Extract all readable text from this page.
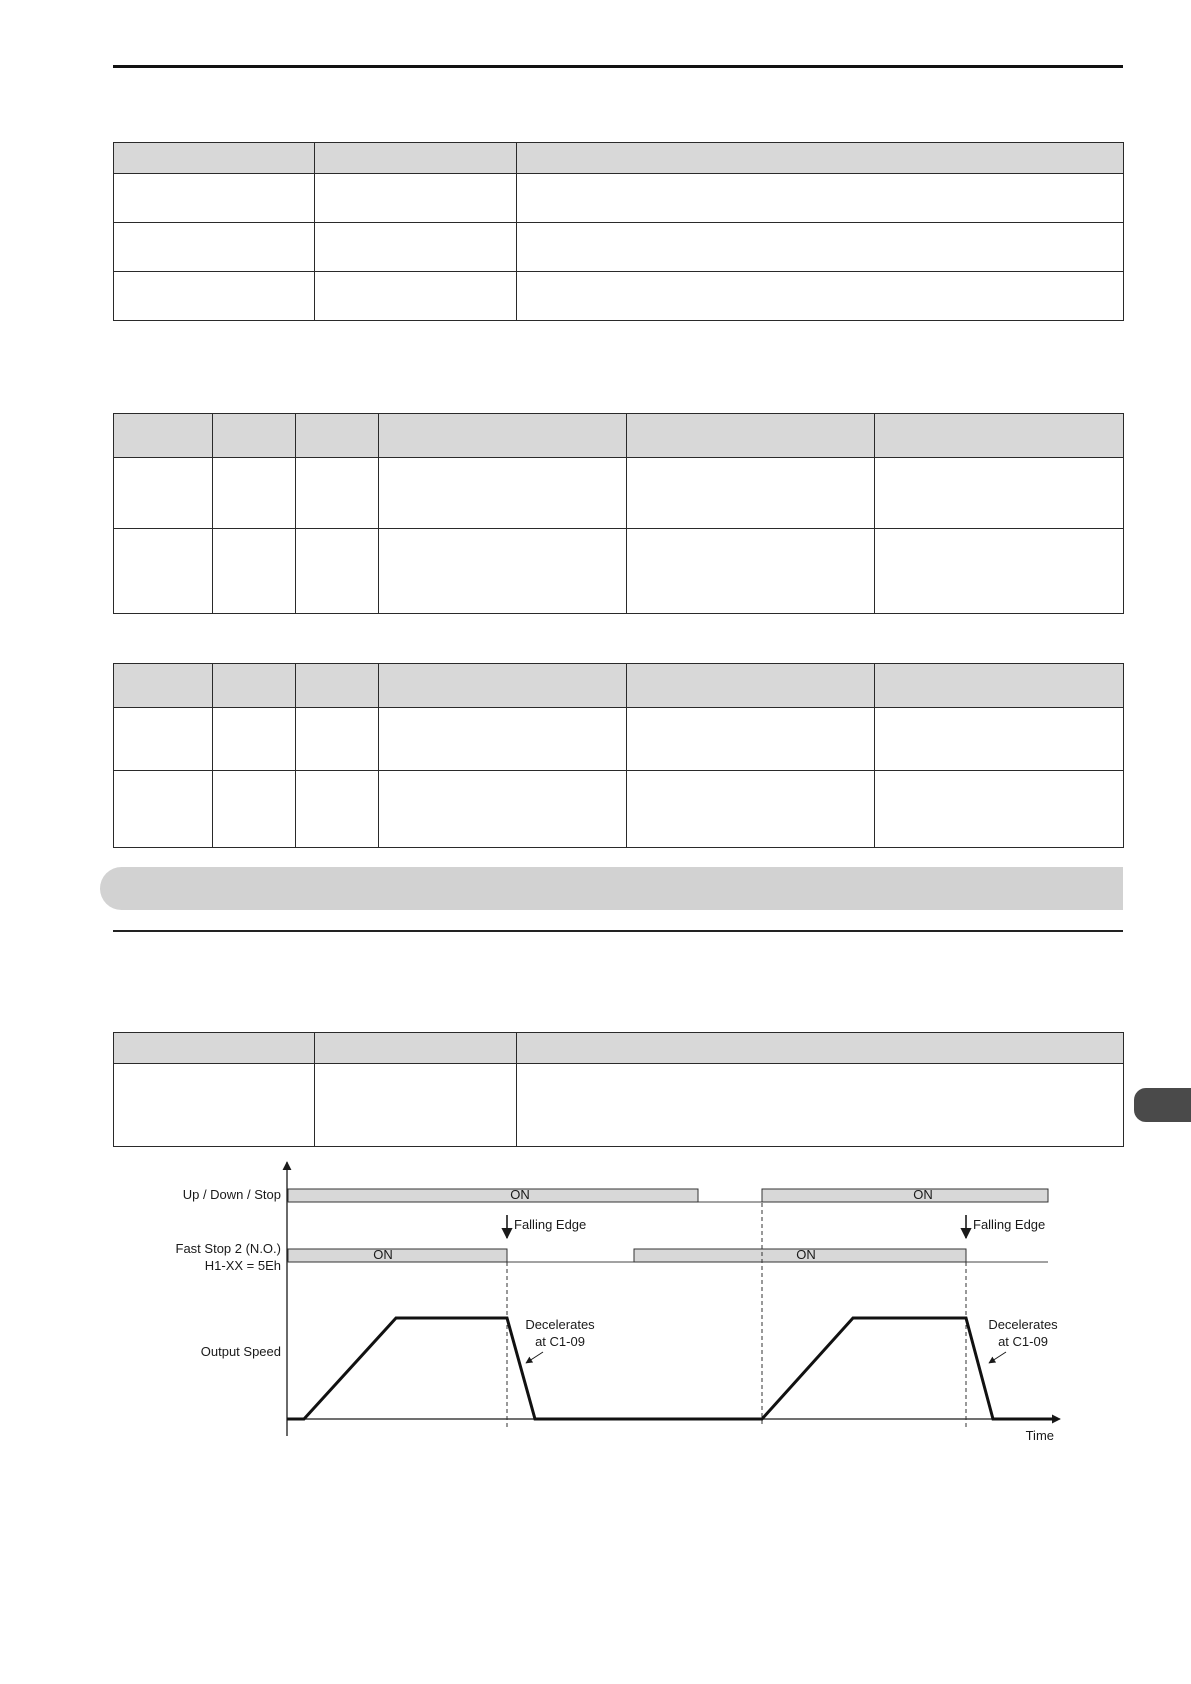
ON	ON
Up / Down / Stop
ON	ON
Fast Stop 2 (N.O.)
H1-XX = 5Eh
Falling Edge	Falling Edge
Output Speed
Decelerates
at C1-09
Decelerates
at C1-09
Time
